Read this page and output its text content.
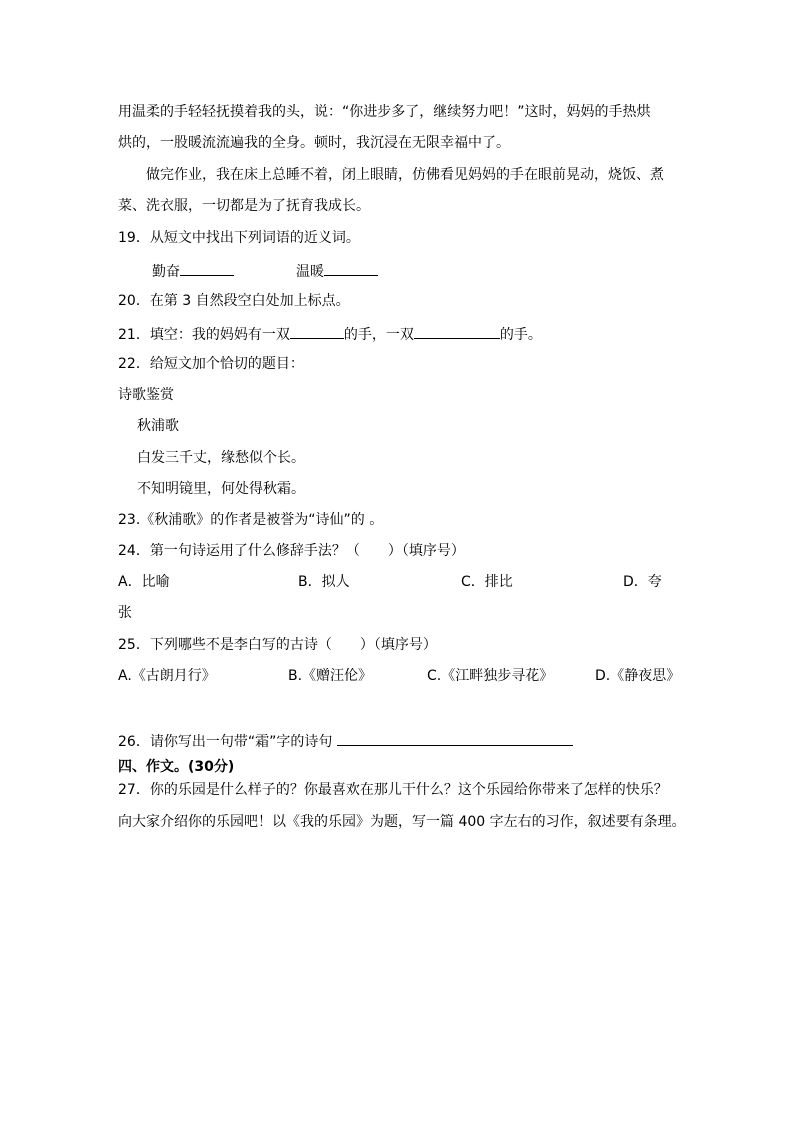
用温柔的手轻轻抚摸着我的头，说：“你进步多了，继续努力吧！”这时，妈妈的手热烘
烘的，一股暖流流遍我的全身。顿时，我沉浸在无限幸福中了。
做完作业，我在床上总睡不着，闭上眼睛，仿佛看见妈妈的手在眼前晃动，烧饭、煮
菜、洗衣服，一切都是为了抚育我成长。
19．从短文中找出下列词语的近义词。
勤奋	温暖
20．在第 3 自然段空白处加上标点。
21．填空：我的妈妈有一双	的手，一双	的手。
22．给短文加个恰切的题目：
诗歌鉴赏
秋浦歌
白发三千丈，缘愁似个长。
不知明镜里，何处得秋霜。
23.《秋浦歌》的作者是被誉为“诗仙”的 。
24．第一句诗运用了什么修辞手法？（　　）（填序号）
A．比喻	B．拟人	C．排比	D．夸
张
25．下列哪些不是李白写的古诗（　　）（填序号）
A.《古朗月行》	B.《赠汪伦》	C.《江畔独步寻花》	D.《静夜思》
26．请你写出一句带“霜”字的诗句
四、作文。(30分)
27．你的乐园是什么样子的？你最喜欢在那儿干什么？这个乐园给你带来了怎样的快乐？
向大家介绍你的乐园吧！以《我的乐园》为题，写一篇 400 字左右的习作，叙述要有条理。
